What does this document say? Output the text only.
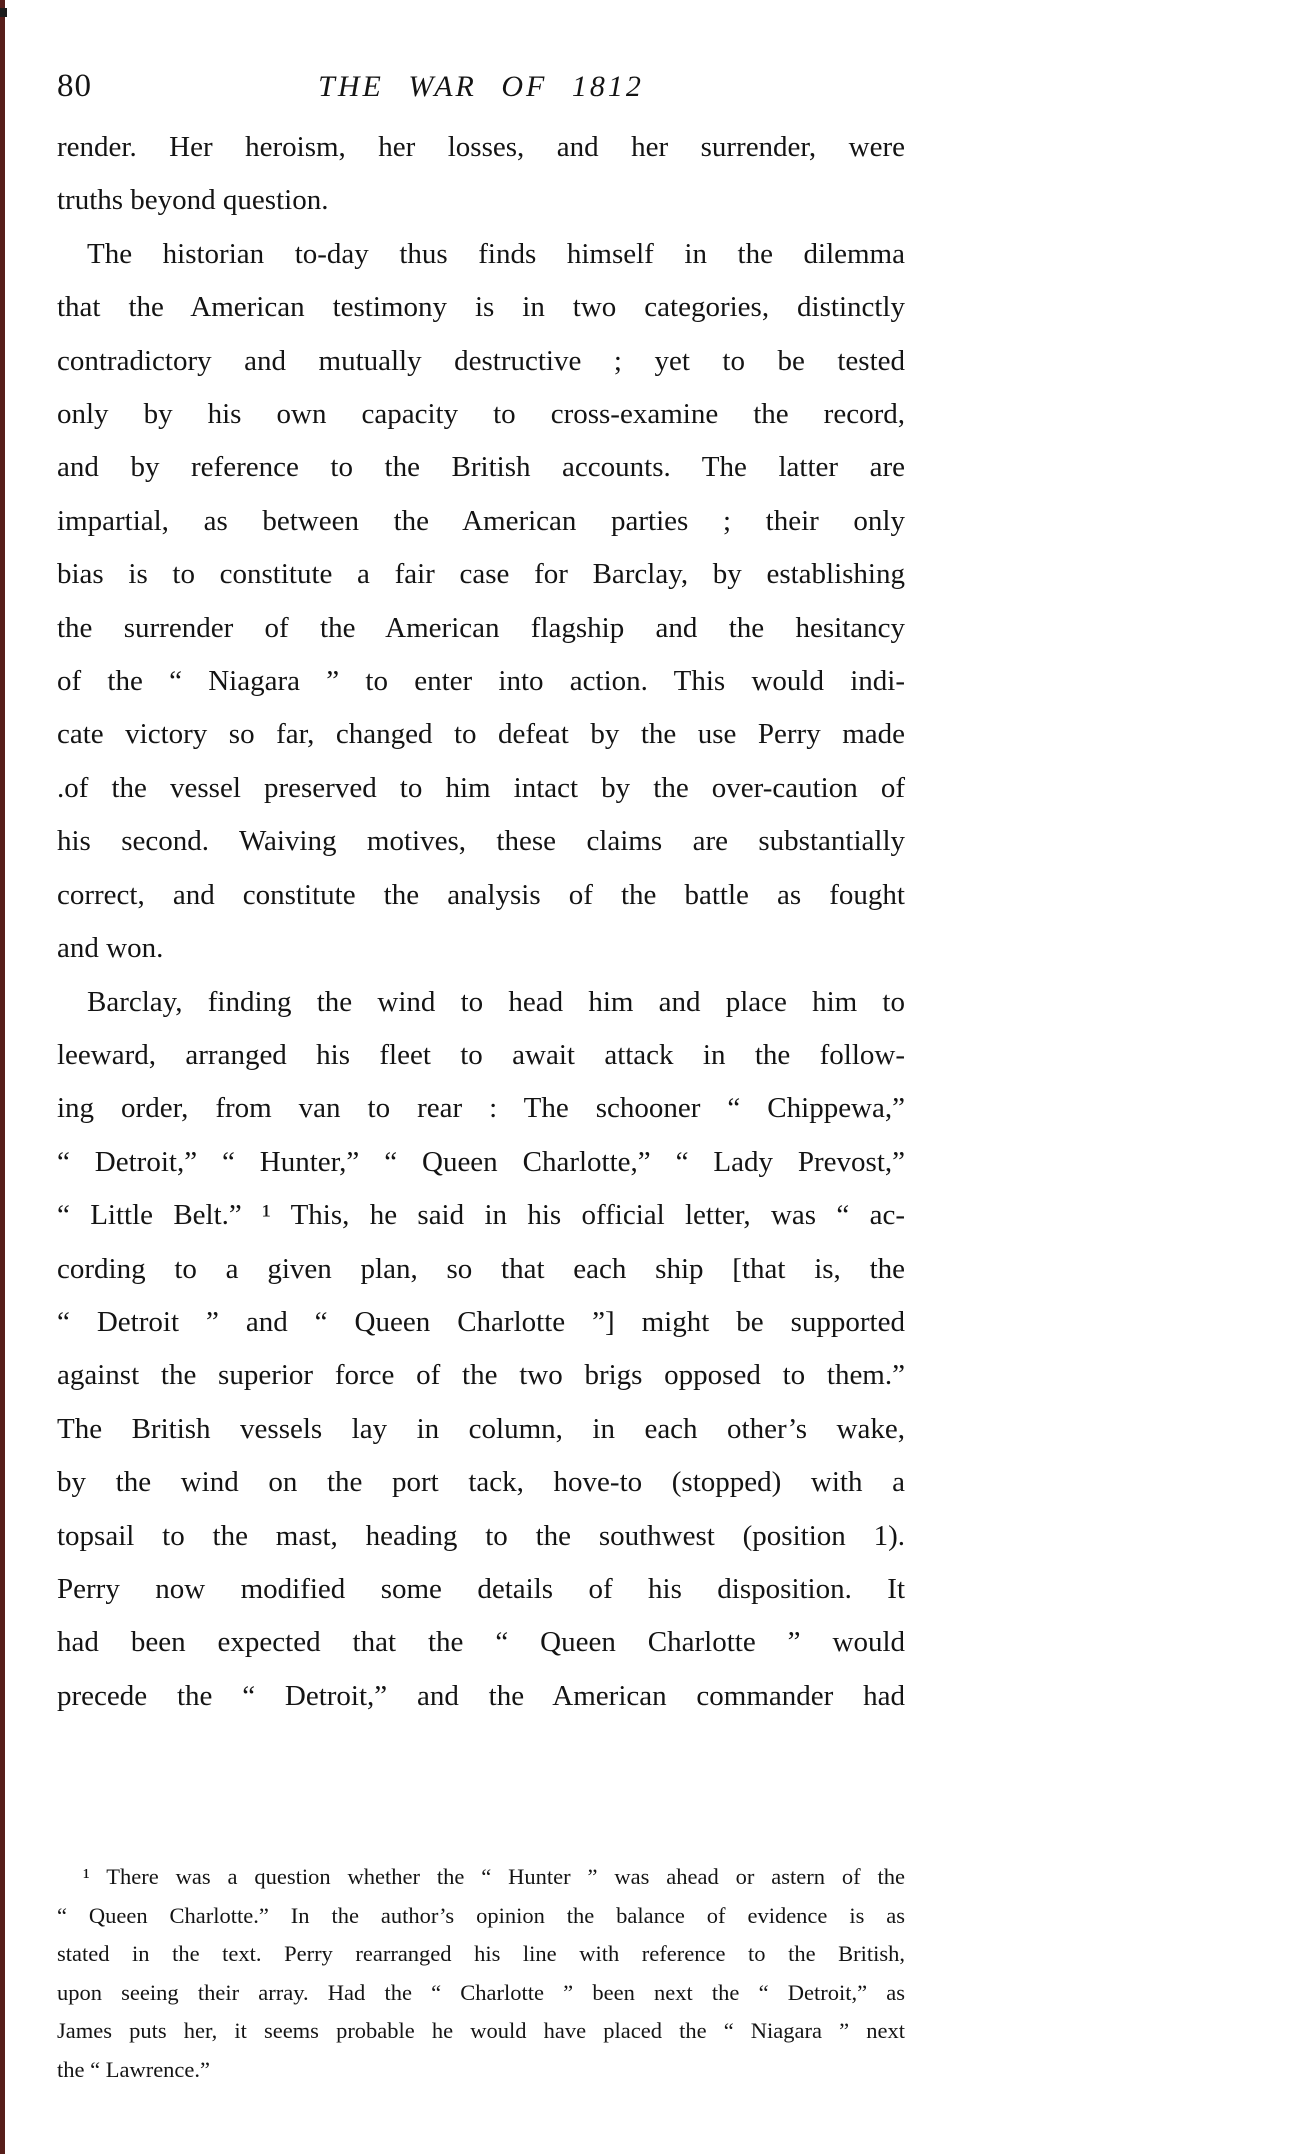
80	THE WAR OF 1812
render. Her heroism, her losses, and her surrender, were
truths beyond question.
The historian to-day thus finds himself in the dilemma
that the American testimony is in two categories, distinctly
contradictory and mutually destructive ; yet to be tested
only by his own capacity to cross-examine the record,
and by reference to the British accounts. The latter are
impartial, as between the American parties ; their only
bias is to constitute a fair case for Barclay, by establishing
the surrender of the American flagship and the hesitancy
of the “ Niagara ” to enter into action. This would indi-
cate victory so far, changed to defeat by the use Perry made
.of the vessel preserved to him intact by the over-caution of
his second. Waiving motives, these claims are substantially
correct, and constitute the analysis of the battle as fought
and won.
Barclay, finding the wind to head him and place him to
leeward, arranged his fleet to await attack in the follow-
ing order, from van to rear : The schooner “ Chippewa,”
“ Detroit,” “ Hunter,” “ Queen Charlotte,” “ Lady Prevost,”
“ Little Belt.” ¹ This, he said in his official letter, was “ ac-
cording to a given plan, so that each ship [that is, the
“ Detroit ” and “ Queen Charlotte ”] might be supported
against the superior force of the two brigs opposed to them.”
The British vessels lay in column, in each other’s wake,
by the wind on the port tack, hove-to (stopped) with a
topsail to the mast, heading to the southwest (position 1).
Perry now modified some details of his disposition. It
had been expected that the “ Queen Charlotte ” would
precede the “ Detroit,” and the American commander had
¹ There was a question whether the “ Hunter ” was ahead or astern of the
“ Queen Charlotte.” In the author’s opinion the balance of evidence is as
stated in the text. Perry rearranged his line with reference to the British,
upon seeing their array. Had the “ Charlotte ” been next the “ Detroit,” as
James puts her, it seems probable he would have placed the “ Niagara ” next
the “ Lawrence.”
